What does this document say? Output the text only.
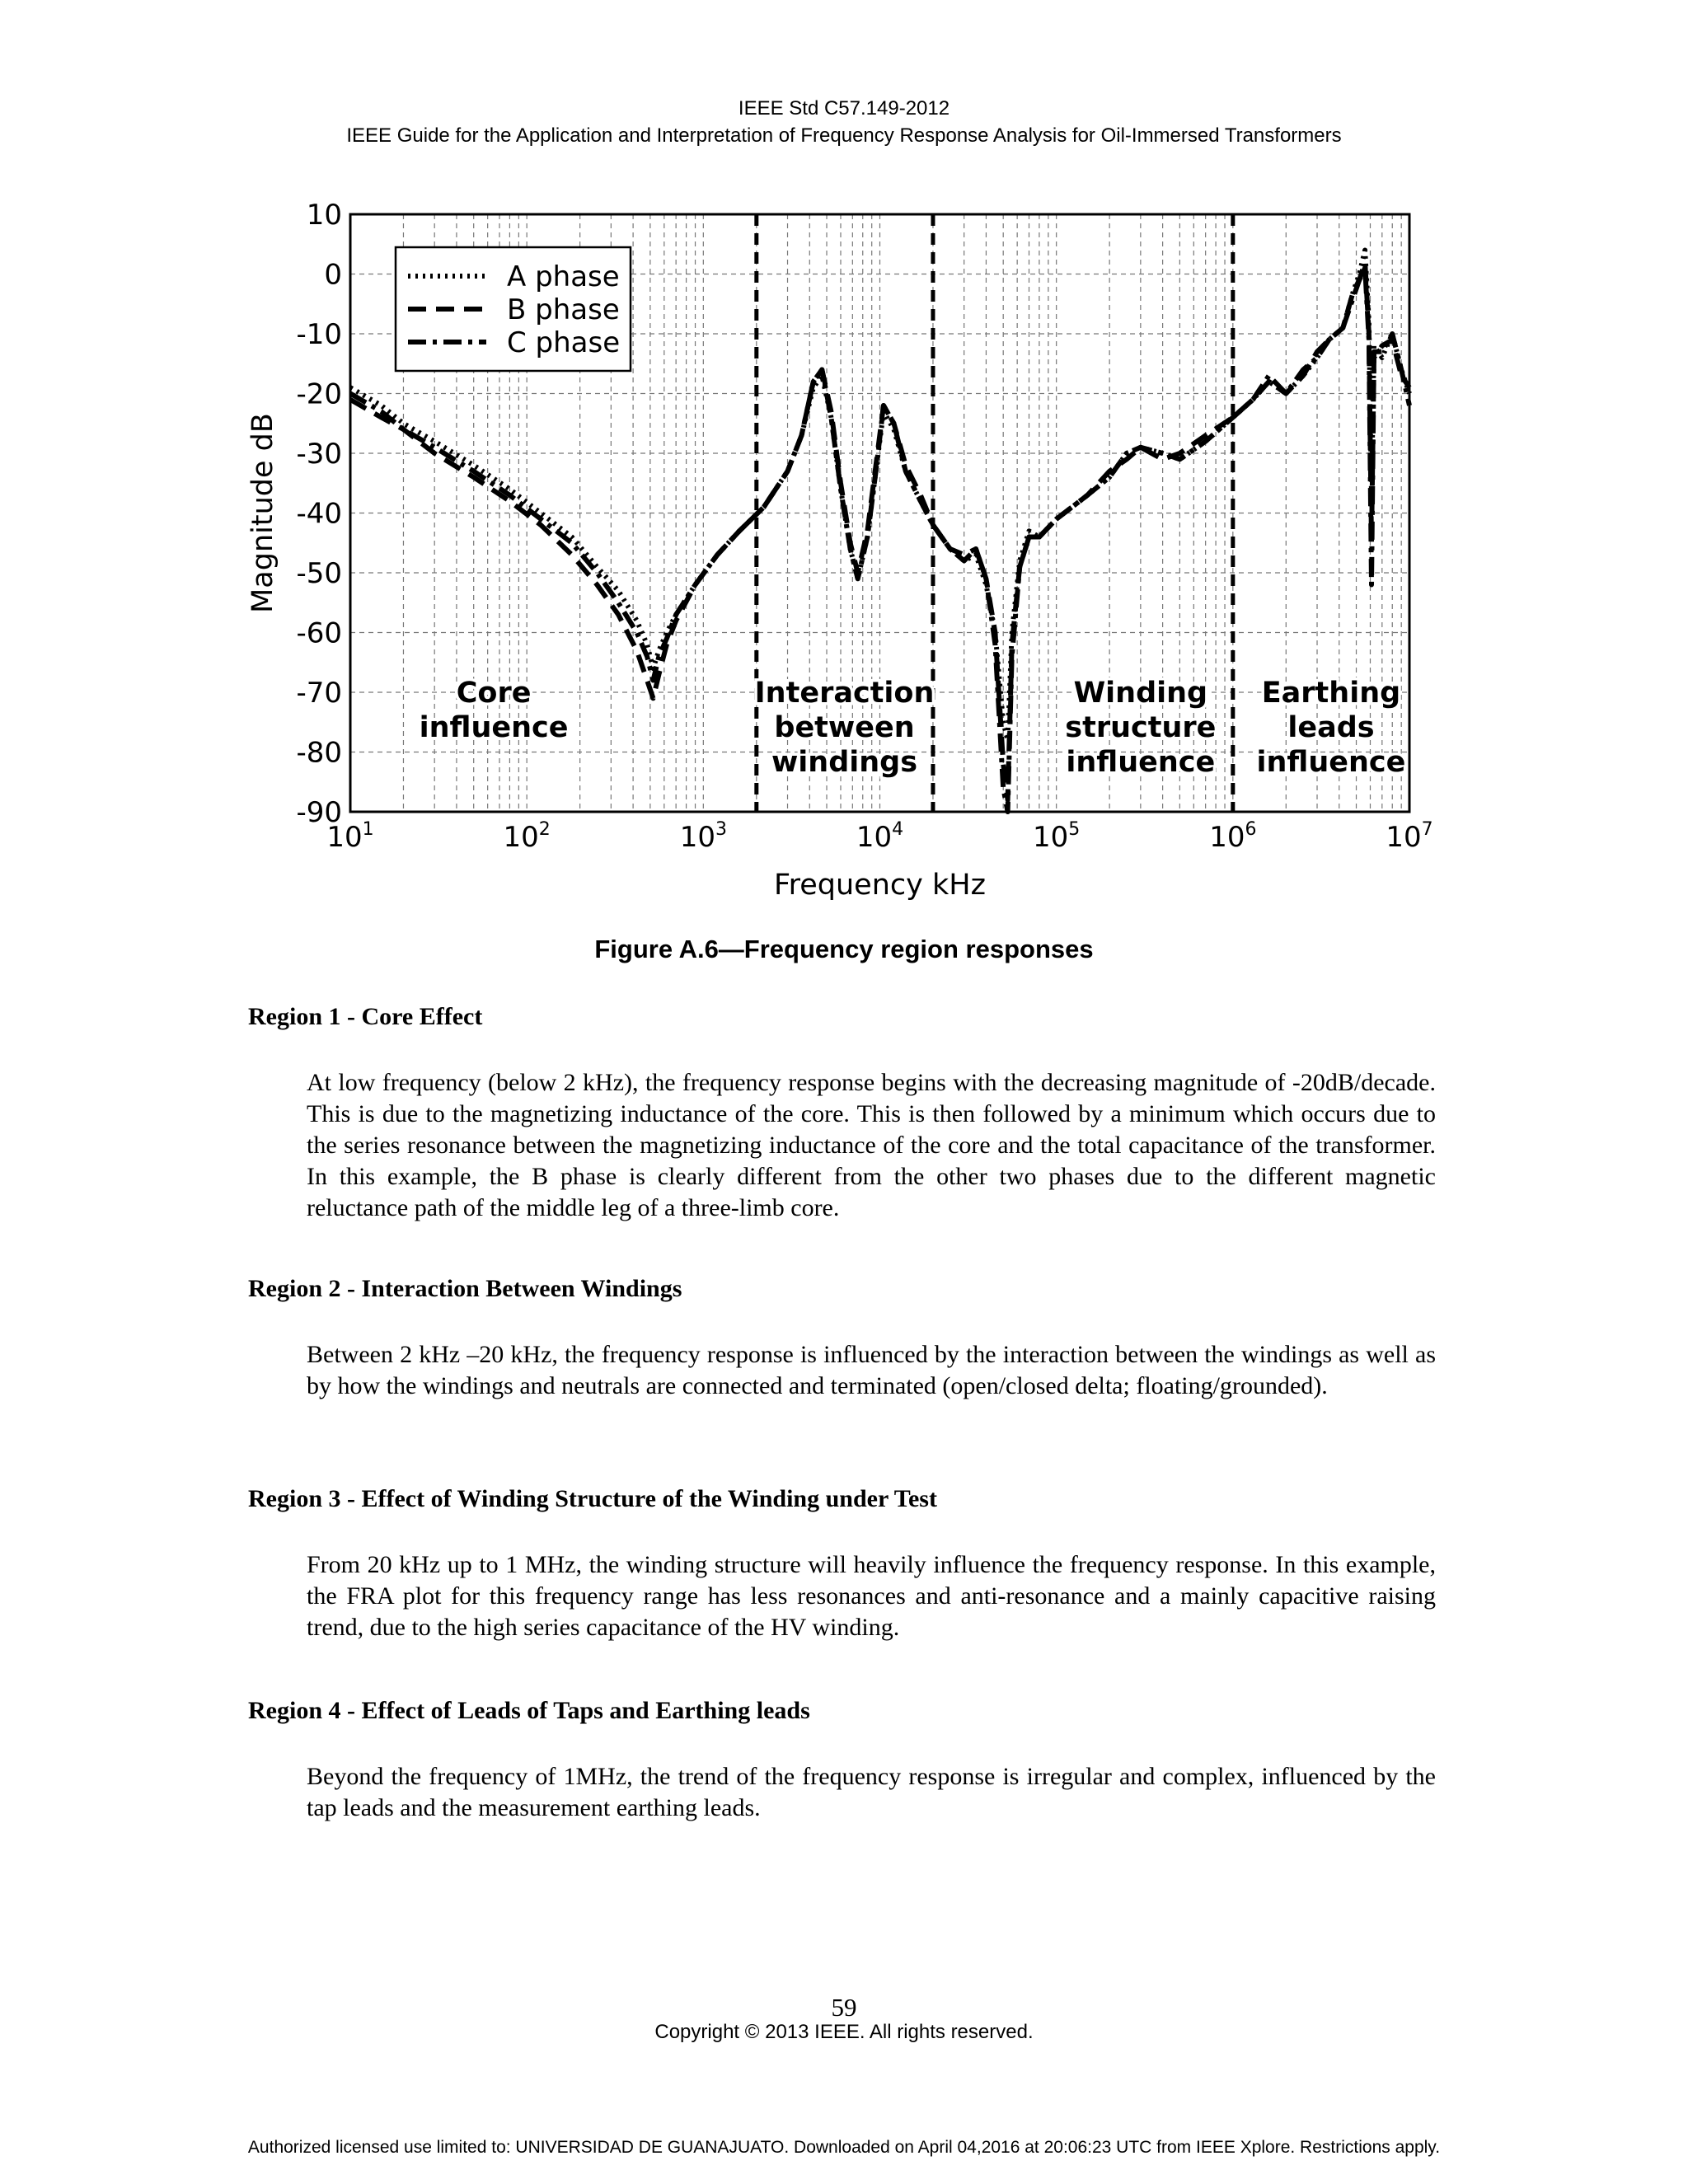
IEEE Std C57.149-2012
IEEE Guide for the Application and Interpretation of Frequency Response Analysis for Oil-Immersed Transformers
10
0
-10
-20
-30
-40
-50
-60
-70
-80
-90
$10^1$	$10^2$	$10^3$	$10^4$	$10^5$	$10^6$	$10^7$
Core influence
Interaction between windings
Winding structure influence
Earthing leads influence
A phase
B phase
C phase
Magnitude dB
Frequency kHz
Figure A.6—Frequency region responses
Region 1 - Core Effect

At low frequency (below 2 kHz), the frequency response begins with the decreasing magnitude of -20dB/decade. This is due to the magnetizing inductance of the core. This is then followed by a minimum which occurs due to the series resonance between the magnetizing inductance of the core and the total capacitance of the transformer. In this example, the B phase is clearly different from the other two phases due to the different magnetic reluctance path of the middle leg of a three-limb core.

Region 2 - Interaction Between Windings

Between 2 kHz –20 kHz, the frequency response is influenced by the interaction between the windings as well as by how the windings and neutrals are connected and terminated (open/closed delta; floating/grounded).

Region 3 - Effect of Winding Structure of the Winding under Test

From 20 kHz up to 1 MHz, the winding structure will heavily influence the frequency response. In this example, the FRA plot for this frequency range has less resonances and anti-resonance and a mainly capacitive raising trend, due to the high series capacitance of the HV winding.

Region 4 - Effect of Leads of Taps and Earthing leads

Beyond the frequency of 1MHz, the trend of the frequency response is irregular and complex, influenced by the tap leads and the measurement earthing leads.

59
Copyright © 2013 IEEE. All rights reserved.
Authorized licensed use limited to: UNIVERSIDAD DE GUANAJUATO. Downloaded on April 04,2016 at 20:06:23 UTC from IEEE Xplore. Restrictions apply.
